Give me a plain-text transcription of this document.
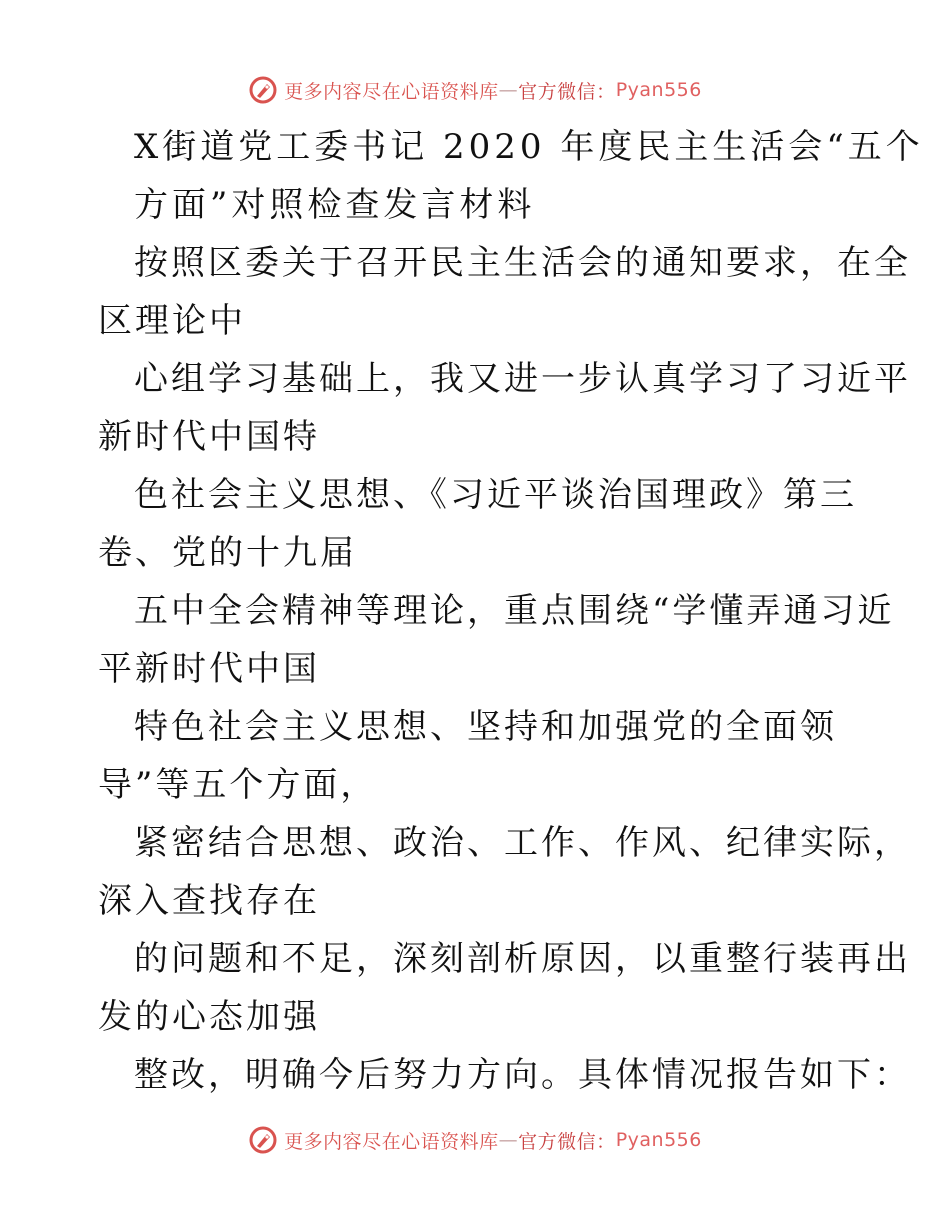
更多内容尽在心语资料库 — 官方微信： Pyan556
X街道党工委书记 2020 年度民主生活会“五个
方面”对照检查发言材料
按照区委关于召开民主生活会的通知要求，在全
区理论中
心组学习基础上，我又进一步认真学习了习近平
新时代中国特
色社会主义思想、《习近平谈治国理政》第三
卷、党的十九届
五中全会精神等理论，重点围绕“学懂弄通习近
平新时代中国
特色社会主义思想、坚持和加强党的全面领
导”等五个方面，
紧密结合思想、政治、工作、作风、纪律实际，
深入查找存在
的问题和不足，深刻剖析原因，以重整行装再出
发的心态加强
整改，明确今后努力方向。具体情况报告如下：
更多内容尽在心语资料库 — 官方微信： Pyan556
